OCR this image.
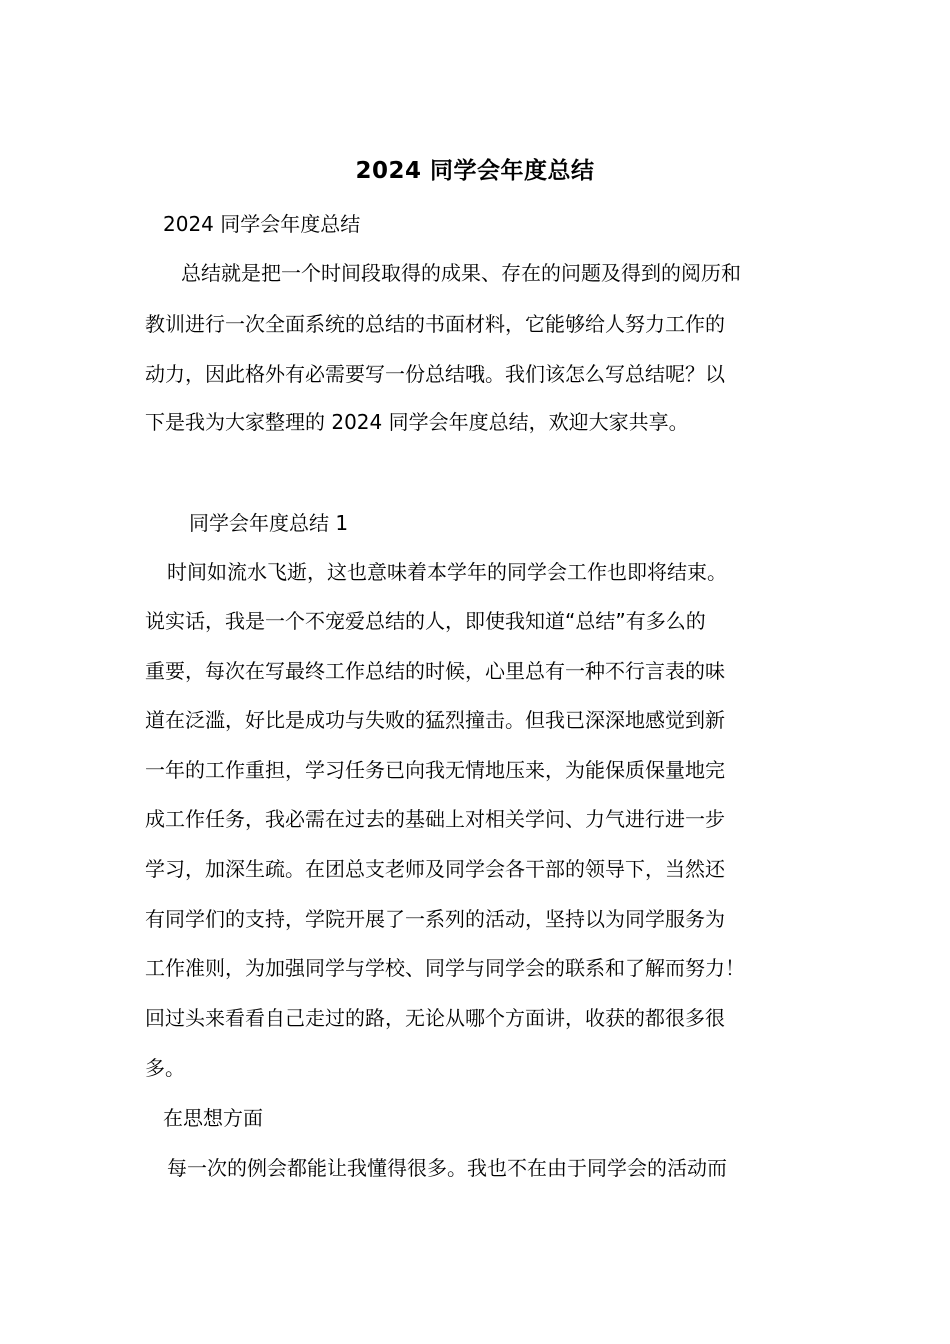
2024 同学会年度总结
2024 同学会年度总结
总结就是把一个时间段取得的成果、存在的问题及得到的阅历和
教训进行一次全面系统的总结的书面材料，它能够给人努力工作的
动力，因此格外有必需要写一份总结哦。我们该怎么写总结呢？以
下是我为大家整理的 2024 同学会年度总结，欢迎大家共享。
同学会年度总结 1
时间如流水飞逝，这也意味着本学年的同学会工作也即将结束。
说实话，我是一个不宠爱总结的人，即使我知道“总结”有多么的
重要，每次在写最终工作总结的时候，心里总有一种不行言表的味
道在泛滥，好比是成功与失败的猛烈撞击。但我已深深地感觉到新
一年的工作重担，学习任务已向我无情地压来，为能保质保量地完
成工作任务，我必需在过去的基础上对相关学问、力气进行进一步
学习，加深生疏。在团总支老师及同学会各干部的领导下，当然还
有同学们的支持，学院开展了一系列的活动，坚持以为同学服务为
工作准则，为加强同学与学校、同学与同学会的联系和了解而努力！
回过头来看看自己走过的路，无论从哪个方面讲，收获的都很多很
多。
在思想方面
每一次的例会都能让我懂得很多。我也不在由于同学会的活动而
